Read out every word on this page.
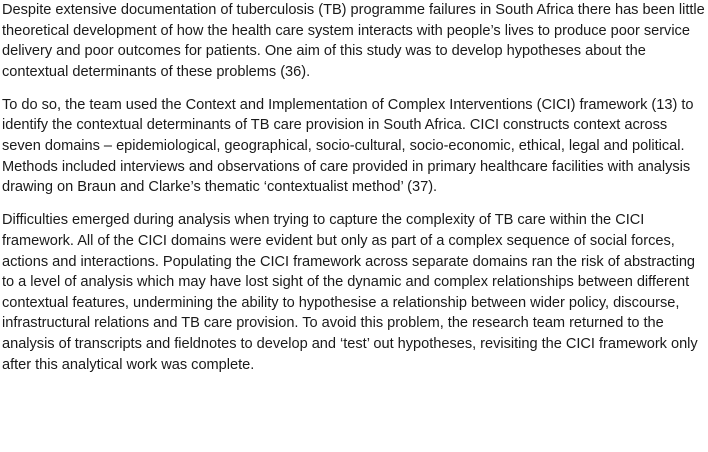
Despite extensive documentation of tuberculosis (TB) programme failures in South Africa there has been little theoretical development of how the health care system interacts with people’s lives to produce poor service delivery and poor outcomes for patients. One aim of this study was to develop hypotheses about the contextual determinants of these problems (36).

To do so, the team used the Context and Implementation of Complex Interventions (CICI) framework (13) to identify the contextual determinants of TB care provision in South Africa. CICI constructs context across seven domains – epidemiological, geographical, socio-cultural, socio-economic, ethical, legal and political. Methods included interviews and observations of care provided in primary healthcare facilities with analysis drawing on Braun and Clarke’s thematic ‘contextualist method’ (37).

Difficulties emerged during analysis when trying to capture the complexity of TB care within the CICI framework. All of the CICI domains were evident but only as part of a complex sequence of social forces, actions and interactions. Populating the CICI framework across separate domains ran the risk of abstracting to a level of analysis which may have lost sight of the dynamic and complex relationships between different contextual features, undermining the ability to hypothesise a relationship between wider policy, discourse, infrastructural relations and TB care provision. To avoid this problem, the research team returned to the analysis of transcripts and fieldnotes to develop and ‘test’ out hypotheses, revisiting the CICI framework only after this analytical work was complete.
